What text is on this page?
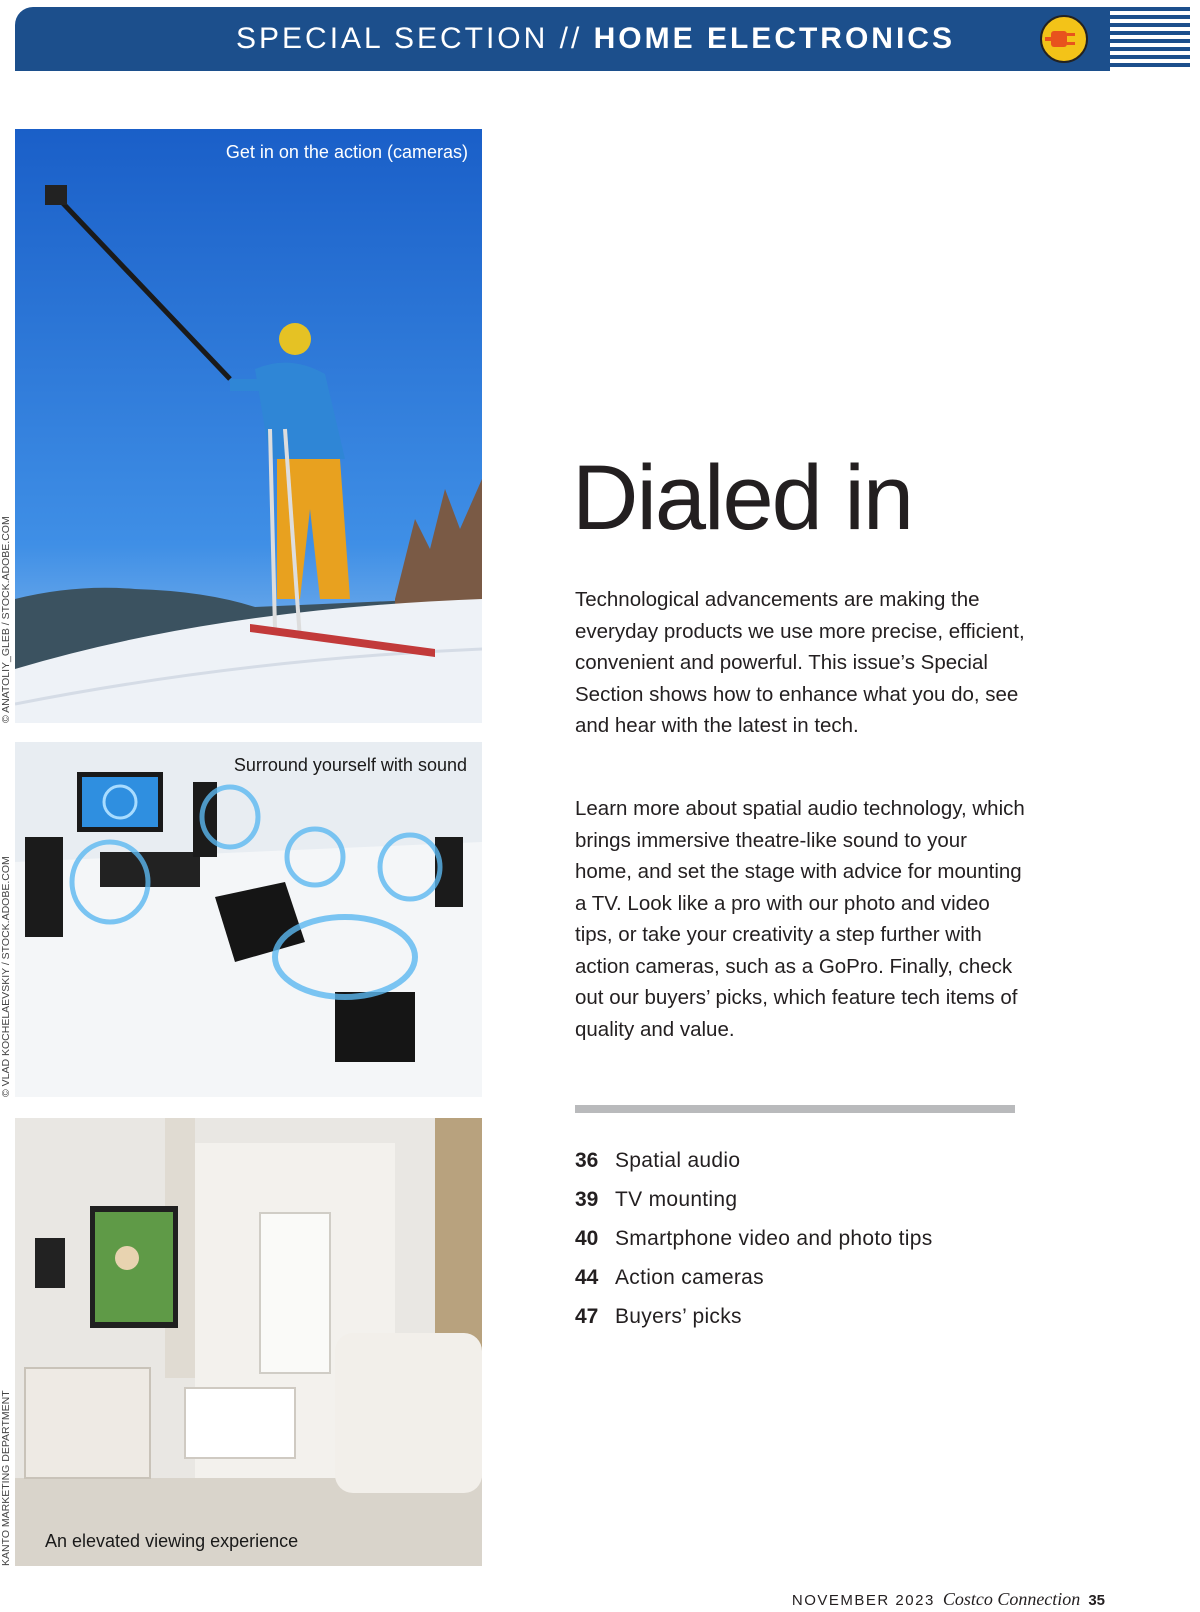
SPECIAL SECTION // HOME ELECTRONICS
Get in on the action (cameras)
Surround yourself with sound
An elevated viewing experience
© ANATOLIY_GLEB / STOCK.ADOBE.COM
© VLAD KOCHELAEVSKIY / STOCK.ADOBE.COM
KANTO MARKETING DEPARTMENT
Dialed in

Technological advancements are making the everyday products we use more precise, efficient, convenient and powerful. This issue’s Special Section shows how to enhance what you do, see and hear with the latest in tech.

Learn more about spatial audio technology, which brings immersive theatre-like sound to your home, and set the stage with advice for mounting a TV. Look like a pro with our photo and video tips, or take your creativity a step further with action cameras, such as a GoPro. Finally, check out our buyers’ picks, which feature tech items of quality and value.

36 Spatial audio
39 TV mounting
40 Smartphone video and photo tips
44 Action cameras
47 Buyers’ picks
NOVEMBER 2023 Costco Connection 35
